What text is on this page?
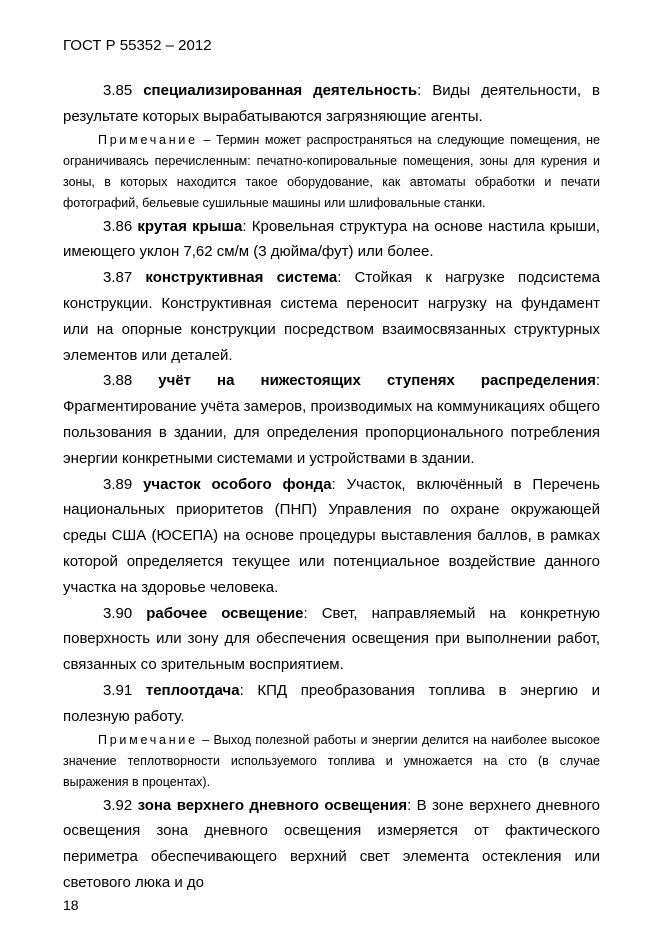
ГОСТ Р 55352 – 2012

3.85 специализированная деятельность: Виды деятельности, в результате которых вырабатываются загрязняющие агенты.

Примечание – Термин может распространяться на следующие помещения, не ограничиваясь перечисленным: печатно-копировальные помещения, зоны для курения и зоны, в которых находится такое оборудование, как автоматы обработки и печати фотографий, бельевые сушильные машины или шлифовальные станки.

3.86 крутая крыша: Кровельная структура на основе настила крыши, имеющего уклон 7,62 см/м (3 дюйма/фут) или более.

3.87 конструктивная система: Стойкая к нагрузке подсистема конструкции. Конструктивная система переносит нагрузку на фундамент или на опорные конструкции посредством взаимосвязанных структурных элементов или деталей.

3.88 учёт на нижестоящих ступенях распределения: Фрагментирование учёта замеров, производимых на коммуникациях общего пользования в здании, для определения пропорционального потребления энергии конкретными системами и устройствами в здании.

3.89 участок особого фонда: Участок, включённый в Перечень национальных приоритетов (ПНП) Управления по охране окружающей среды США (ЮСЕПА) на основе процедуры выставления баллов, в рамках которой определяется текущее или потенциальное воздействие данного участка на здоровье человека.

3.90 рабочее освещение: Свет, направляемый на конкретную поверхность или зону для обеспечения освещения при выполнении работ, связанных со зрительным восприятием.

3.91 теплоотдача: КПД преобразования топлива в энергию и полезную работу.

Примечание – Выход полезной работы и энергии делится на наиболее высокое значение теплотворности используемого топлива и умножается на сто (в случае выражения в процентах).

3.92 зона верхнего дневного освещения: В зоне верхнего дневного освещения зона дневного освещения измеряется от фактического периметра обеспечивающего верхний свет элемента остекления или светового люка и до

18
